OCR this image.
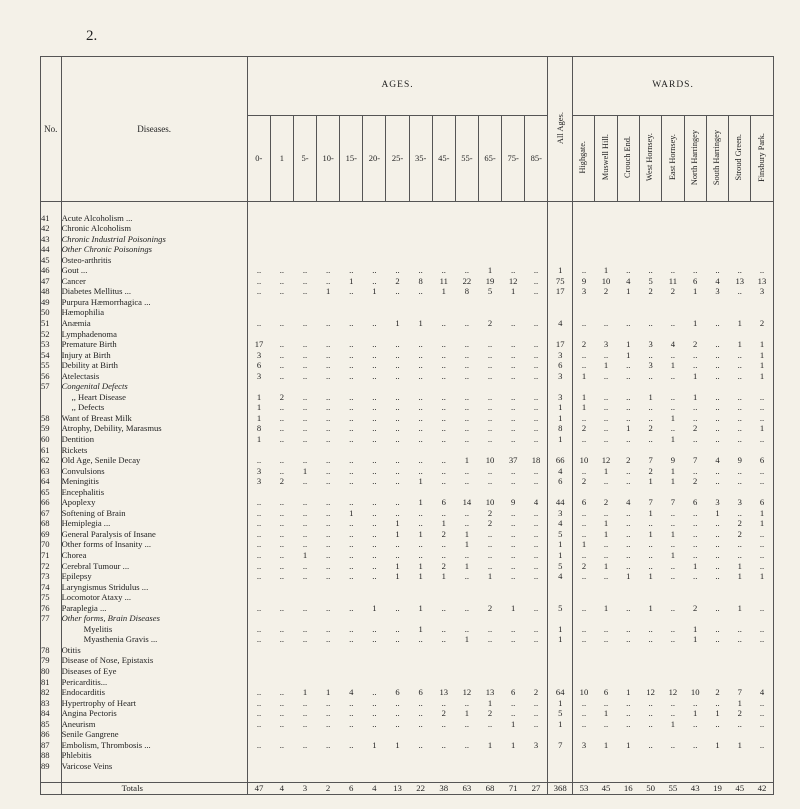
2.
No.	Diseases.	AGES.													All Ages.	WARDS.								
		0-	1	5-	10-	15-	20-	25-	35-	45-	55-	65-	75-	85-		Highgate.	Muswell Hill.	Crouch End.	West Hornsey.	East Hornsey.	North Harringey	South Harringey	Stroud Green.	Finsbury Park.

41	Acute Alcoholism ...																							
42	Chronic Alcoholism																							
43	Chronic Industrial Poisonings																							
44	Other Chronic Poisonings																							
45	Osteo-arthritis																							
46	Gout ...	..	..	..	..	..	..	..	..	..	..	1	..	..	1	..	1	..	..	..	..	..	..	..
47	Cancer	..	..	..	..	1	..	2	8	11	22	19	12	..	75	9	10	4	5	11	6	4	13	13
48	Diabetes Mellitus ...	..	..	..	1	..	1	..	..	1	8	5	1	..	17	3	2	1	2	2	1	3	..	3
49	Purpura Hæmorrhagica ...																							
50	Hæmophilia																							
51	Anæmia	..	..	..	..	..	..	1	1	..	..	2	..	..	4	..	..	..	..	..	1	..	1	2
52	Lymphadenoma																							
53	Premature Birth	17	..	..	..	..	..	..	..	..	..	..	..	..	17	2	3	1	3	4	2	..	1	1
54	Injury at Birth	3	..	..	..	..	..	..	..	..	..	..	..	..	3	..	..	1	..	..	..	..	..	1
55	Debility at Birth	6	..	..	..	..	..	..	..	..	..	..	..	..	6	..	1	..	3	1	..	..	..	1
56	Atelectasis	3	..	..	..	..	..	..	..	..	..	..	..	..	3	1	..	..	..	..	1	..	..	1
57	Congenital Defects																							
	,, Heart Disease	1	2	..	..	..	..	..	..	..	..	..	..	..	3	1	..	..	1	..	1	..	..	..
	,, Defects	1	..	..	..	..	..	..	..	..	..	..	..	..	1	1	..	..	..	..	..	..	..	..
58	Want of Breast Milk	1	..	..	..	..	..	..	..	..	..	..	..	..	1	..	..	..	..	1	..	..	..	..
59	Atrophy, Debility, Marasmus	8	..	..	..	..	..	..	..	..	..	..	..	..	8	2	..	1	2	..	2	..	..	1
60	Dentition	1	..	..	..	..	..	..	..	..	..	..	..	..	1	..	..	..	..	1	..	..	..	..
61	Rickets																							
62	Old Age, Senile Decay	..	..	..	..	..	..	..	..	..	1	10	37	18	66	10	12	2	7	9	7	4	9	6
63	Convulsions	3	..	1	..	..	..	..	..	..	..	..	..	..	4	..	1	..	2	1	..	..	..	..
64	Meningitis	3	2	..	..	..	..	..	1	..	..	..	..	..	6	2	..	..	1	1	2	..	..	..
65	Encephalitis																							
66	Apoplexy	..	..	..	..	..	..	..	1	6	14	10	9	4	44	6	2	4	7	7	6	3	3	6
67	Softening of Brain	..	..	..	..	1	..	..	..	..	..	2	..	..	3	..	..	..	1	..	..	1	..	1
68	Hemiplegia ...	..	..	..	..	..	..	1	..	1	..	2	..	..	4	..	1	..	..	..	..	..	2	1
69	General Paralysis of Insane	..	..	..	..	..	..	1	1	2	1	..	..	..	5	..	1	..	1	1	..	..	2	..
70	Other forms of Insanity ...	..	..	..	..	..	..	..	..	..	1	..	..	..	1	1	..	..	..	..	..	..	..	..
71	Chorea	..	..	1	..	..	..	..	..	..	..	..	..	..	1	..	..	..	..	1	..	..	..	..
72	Cerebral Tumour ...	..	..	..	..	..	..	1	1	2	1	..	..	..	5	2	1	..	..	..	1	..	1	..
73	Epilepsy	..	..	..	..	..	..	1	1	1	..	1	..	..	4	..	..	1	1	..	..	..	1	1
74	Laryngismus Stridulus ...																							
75	Locomotor Ataxy ...																							
76	Paraplegia ...	..	..	..	..	..	1	..	1	..	..	2	1	..	5	..	1	..	1	..	2	..	1	..
77	Other forms, Brain Diseases																							
	Myelitis	..	..	..	..	..	..	..	1	..	..	..	..	..	1	..	..	..	..	..	1	..	..	..
	Myasthenia Gravis ...	..	..	..	..	..	..	..	..	..	1	..	..	..	1	..	..	..	..	..	1	..	..	..
78	Otitis																							
79	Disease of Nose, Epistaxis																							
80	Diseases of Eye																							
81	Pericarditis...																							
82	Endocarditis	..	..	1	1	4	..	6	6	13	12	13	6	2	64	10	6	1	12	12	10	2	7	4
83	Hypertrophy of Heart	..	..	..	..	..	..	..	..	..	..	1	..	..	1	..	..	..	..	..	..	..	1	..
84	Angina Pectoris	..	..	..	..	..	..	..	..	2	1	2	..	..	5	..	1	..	..	..	1	1	2	..
85	Aneurism	..	..	..	..	..	..	..	..	..	..	..	1	..	1	..	..	..	..	1	..	..	..	..
86	Senile Gangrene																							
87	Embolism, Thrombosis ...	..	..	..	..	..	1	1	..	..	..	1	1	3	7	3	1	1	..	..	..	1	1	..
88	Phlebitis																							
89	Varicose Veins																							

	Totals	47	4	3	2	6	4	13	22	38	63	68	71	27	368	53	45	16	50	55	43	19	45	42
